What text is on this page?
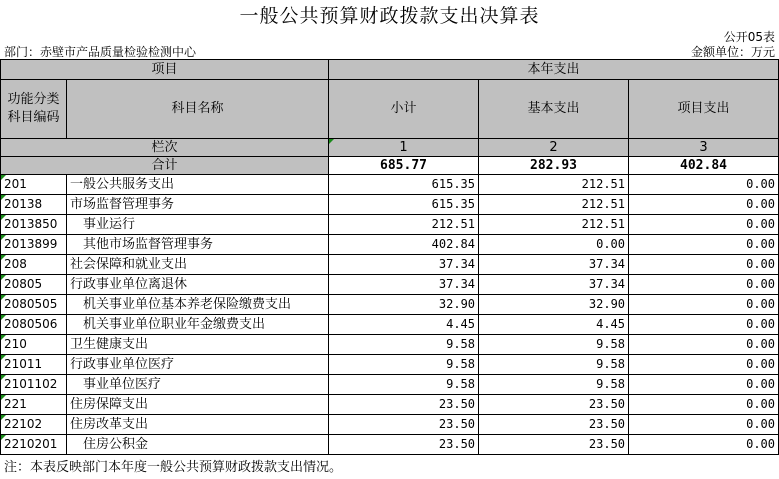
一般公共预算财政拨款支出决算表
公开05表
部门：赤壁市产品质量检验检测中心	金额单位：万元
项目		本年支出		
功能分类科目编码	科目名称	小计	基本支出	项目支出
栏次		1	2	3
合计		685.77	282.93	402.84
201	一般公共服务支出	615.35	212.51	0.00
20138	市场监督管理事务	615.35	212.51	0.00
2013850	事业运行	212.51	212.51	0.00
2013899	其他市场监督管理事务	402.84	0.00	0.00
208	社会保障和就业支出	37.34	37.34	0.00
20805	行政事业单位离退休	37.34	37.34	0.00
2080505	机关事业单位基本养老保险缴费支出	32.90	32.90	0.00
2080506	机关事业单位职业年金缴费支出	4.45	4.45	0.00
210	卫生健康支出	9.58	9.58	0.00
21011	行政事业单位医疗	9.58	9.58	0.00
2101102	事业单位医疗	9.58	9.58	0.00
221	住房保障支出	23.50	23.50	0.00
22102	住房改革支出	23.50	23.50	0.00
2210201	住房公积金	23.50	23.50	0.00
注：本表反映部门本年度一般公共预算财政拨款支出情况。
